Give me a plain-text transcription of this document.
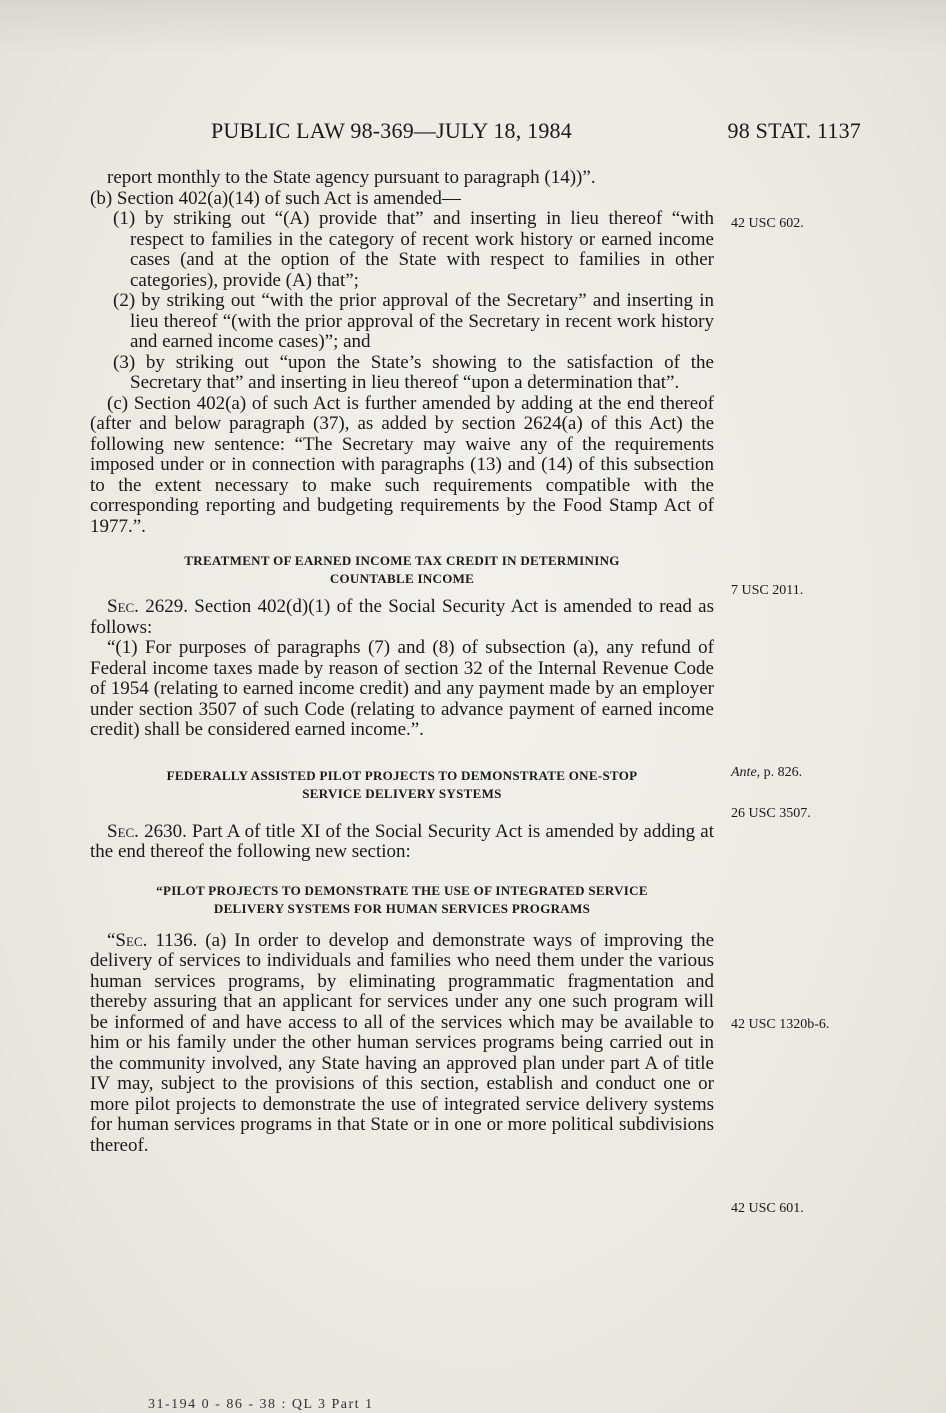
PUBLIC LAW 98-369—JULY 18, 1984	98 STAT. 1137

report monthly to the State agency pursuant to paragraph (14))”.

(b) Section 402(a)(14) of such Act is amended—

(1) by striking out “(A) provide that” and inserting in lieu thereof “with respect to families in the category of recent work history or earned income cases (and at the option of the State with respect to families in other categories), provide (A) that”;

(2) by striking out “with the prior approval of the Secretary” and inserting in lieu thereof “(with the prior approval of the Secretary in recent work history and earned income cases)”; and

(3) by striking out “upon the State’s showing to the satisfaction of the Secretary that” and inserting in lieu thereof “upon a determination that”.

(c) Section 402(a) of such Act is further amended by adding at the end thereof (after and below paragraph (37), as added by section 2624(a) of this Act) the following new sentence: “The Secretary may waive any of the requirements imposed under or in connection with paragraphs (13) and (14) of this subsection to the extent necessary to make such requirements compatible with the corresponding reporting and budgeting requirements by the Food Stamp Act of 1977.”.

TREATMENT OF EARNED INCOME TAX CREDIT IN DETERMINING
COUNTABLE INCOME

Sec. 2629. Section 402(d)(1) of the Social Security Act is amended to read as follows:

“(1) For purposes of paragraphs (7) and (8) of subsection (a), any refund of Federal income taxes made by reason of section 32 of the Internal Revenue Code of 1954 (relating to earned income credit) and any payment made by an employer under section 3507 of such Code (relating to advance payment of earned income credit) shall be considered earned income.”.

FEDERALLY ASSISTED PILOT PROJECTS TO DEMONSTRATE ONE-STOP
SERVICE DELIVERY SYSTEMS

Sec. 2630. Part A of title XI of the Social Security Act is amended by adding at the end thereof the following new section:

“PILOT PROJECTS TO DEMONSTRATE THE USE OF INTEGRATED SERVICE
DELIVERY SYSTEMS FOR HUMAN SERVICES PROGRAMS

“Sec. 1136. (a) In order to develop and demonstrate ways of improving the delivery of services to individuals and families who need them under the various human services programs, by eliminating programmatic fragmentation and thereby assuring that an applicant for services under any one such program will be informed of and have access to all of the services which may be available to him or his family under the other human services programs being carried out in the community involved, any State having an approved plan under part A of title IV may, subject to the provisions of this section, establish and conduct one or more pilot projects to demonstrate the use of integrated service delivery systems for human services programs in that State or in one or more political subdivisions thereof.

42 USC 602.
7 USC 2011.
Ante, p. 826.
26 USC 3507.
42 USC 1320b-6.
42 USC 601.
31-194 0 - 86 - 38 : QL 3 Part 1
